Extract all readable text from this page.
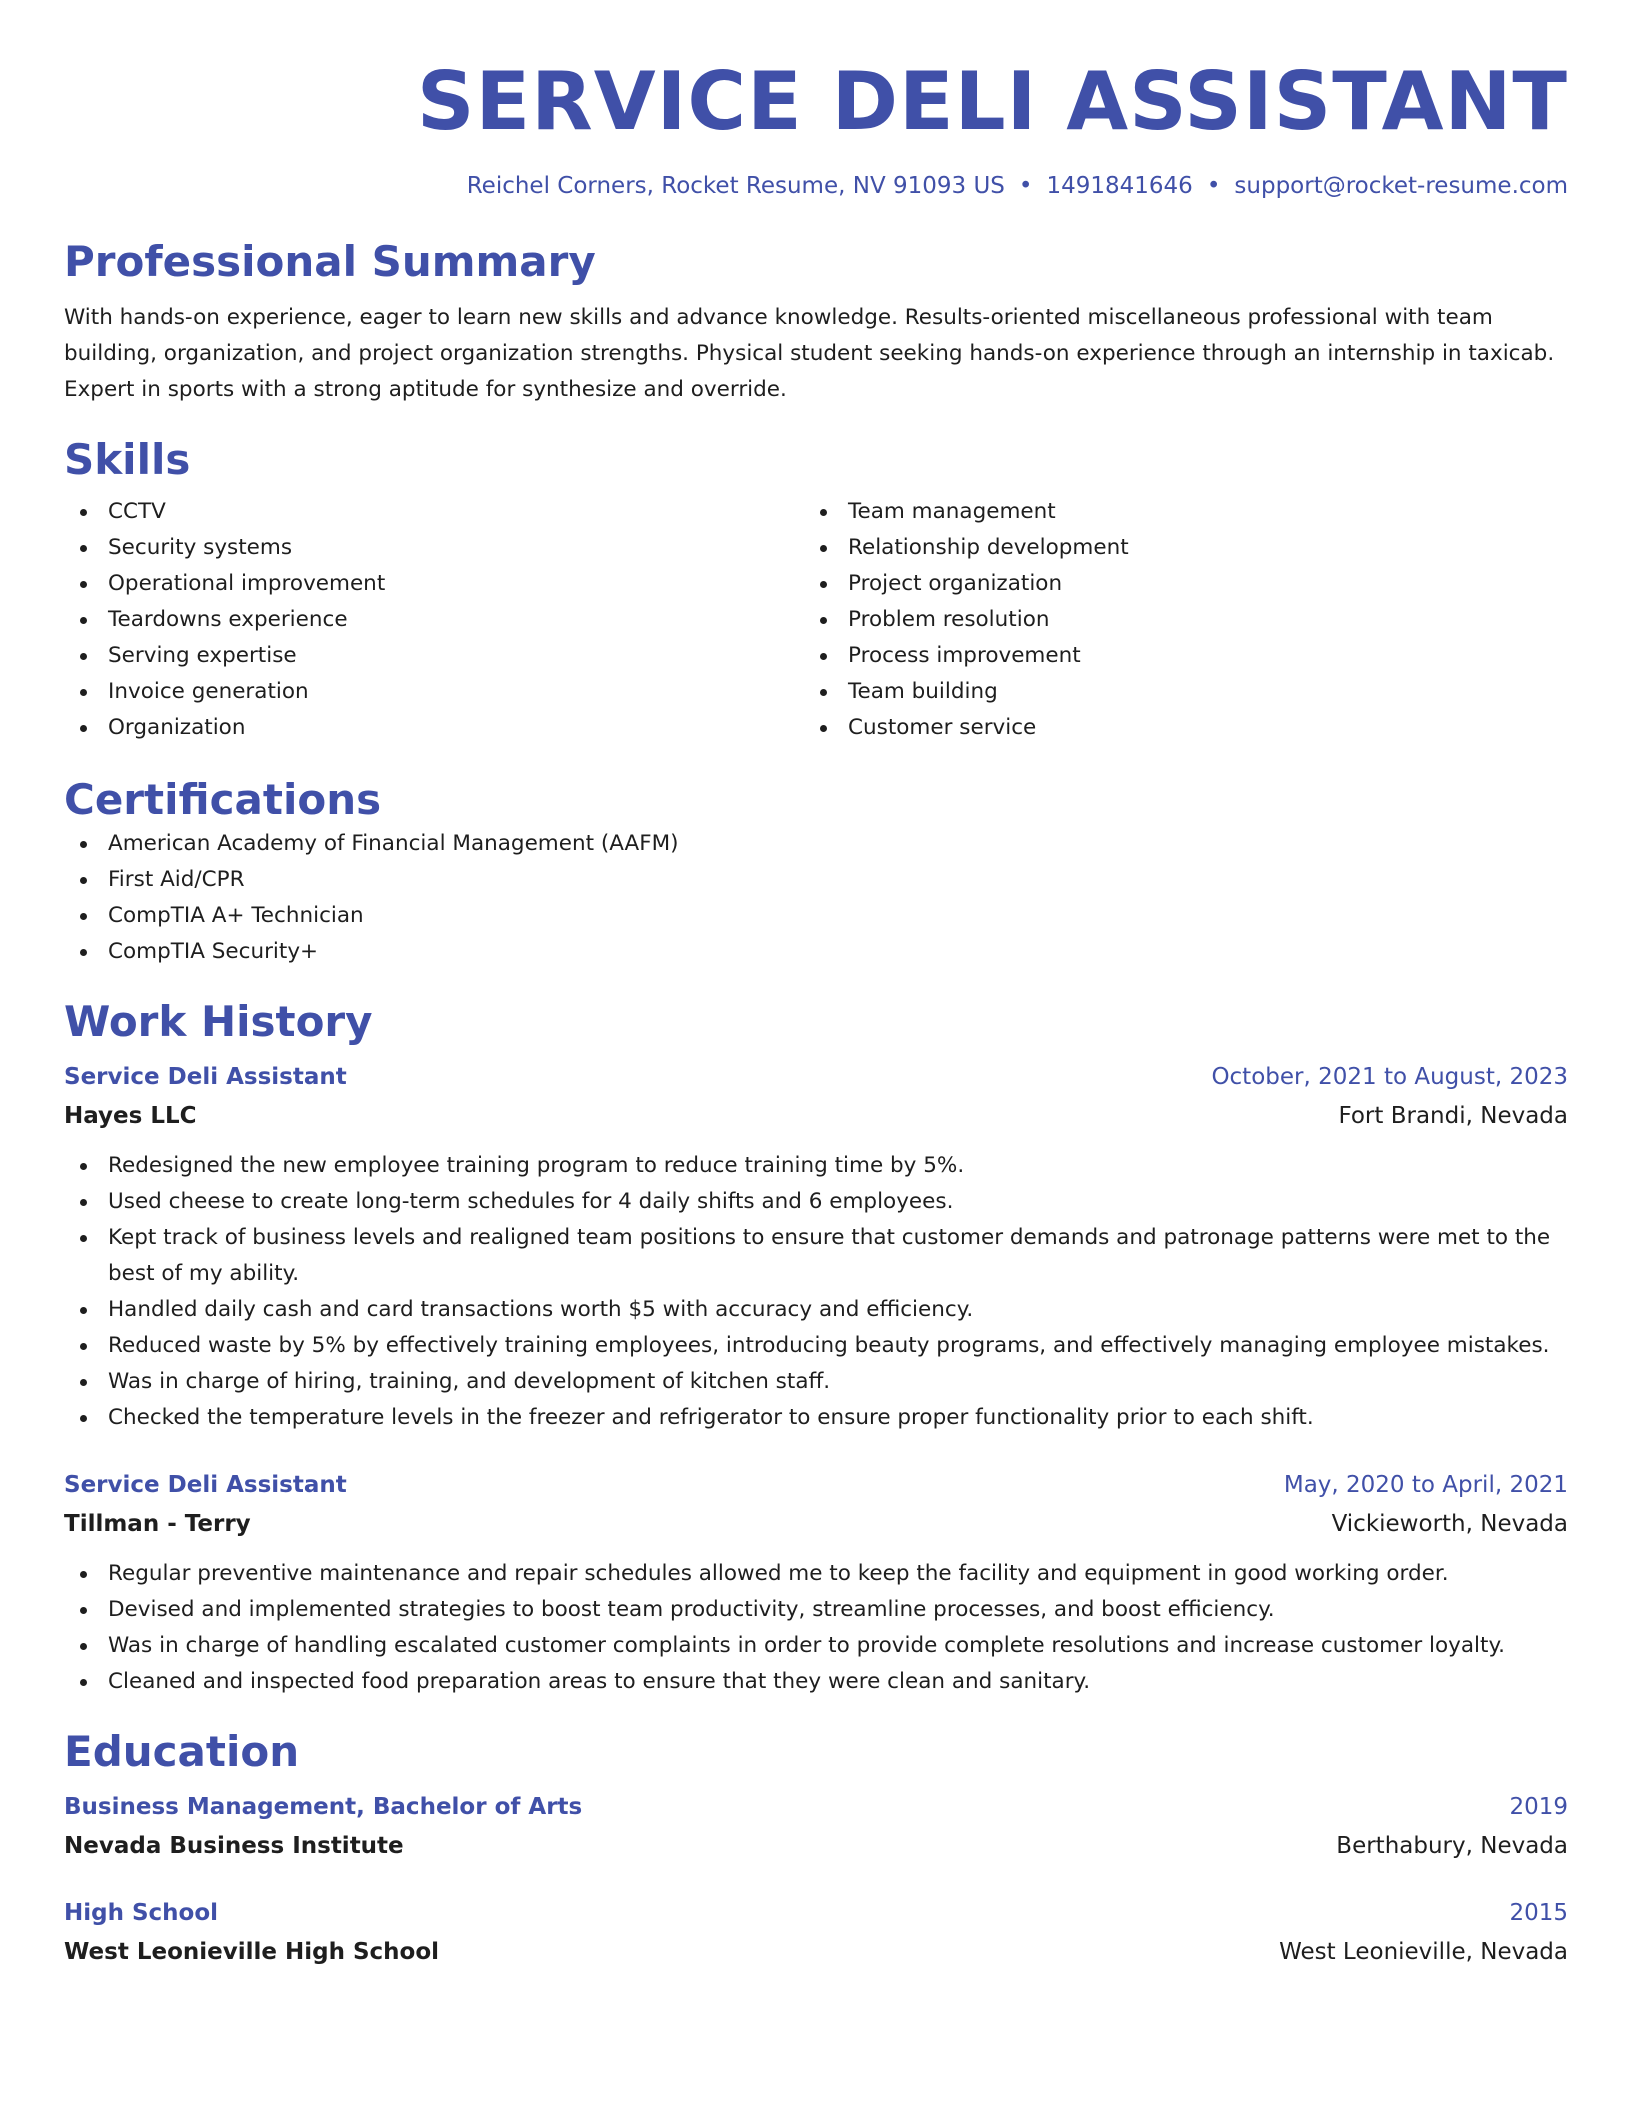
SERVICE DELI ASSISTANT
Reichel Corners, Rocket Resume, NV 91093 US • 1491841646 • support@rocket-resume.com
Professional Summary

With hands-on experience, eager to learn new skills and advance knowledge. Results-oriented miscellaneous professional with team building, organization, and project organization strengths. Physical student seeking hands-on experience through an internship in taxicab. Expert in sports with a strong aptitude for synthesize and override.

Skills
CCTV
Security systems
Operational improvement
Teardowns experience
Serving expertise
Invoice generation
Organization
Team management
Relationship development
Project organization
Problem resolution
Process improvement
Team building
Customer service
Certifications
American Academy of Financial Management (AAFM)
First Aid/CPR
CompTIA A+ Technician
CompTIA Security+
Work History
Service Deli Assistant	October, 2021 to August, 2023
Hayes LLC	Fort Brandi, Nevada
Redesigned the new employee training program to reduce training time by 5%.
Used cheese to create long-term schedules for 4 daily shifts and 6 employees.
Kept track of business levels and realigned team positions to ensure that customer demands and patronage patterns were met to the best of my ability.
Handled daily cash and card transactions worth $5 with accuracy and efficiency.
Reduced waste by 5% by effectively training employees, introducing beauty programs, and effectively managing employee mistakes.
Was in charge of hiring, training, and development of kitchen staff.
Checked the temperature levels in the freezer and refrigerator to ensure proper functionality prior to each shift.
Service Deli Assistant	May, 2020 to April, 2021
Tillman - Terry	Vickieworth, Nevada
Regular preventive maintenance and repair schedules allowed me to keep the facility and equipment in good working order.
Devised and implemented strategies to boost team productivity, streamline processes, and boost efficiency.
Was in charge of handling escalated customer complaints in order to provide complete resolutions and increase customer loyalty.
Cleaned and inspected food preparation areas to ensure that they were clean and sanitary.
Education
Business Management, Bachelor of Arts	2019
Nevada Business Institute	Berthabury, Nevada
High School	2015
West Leonieville High School	West Leonieville, Nevada
